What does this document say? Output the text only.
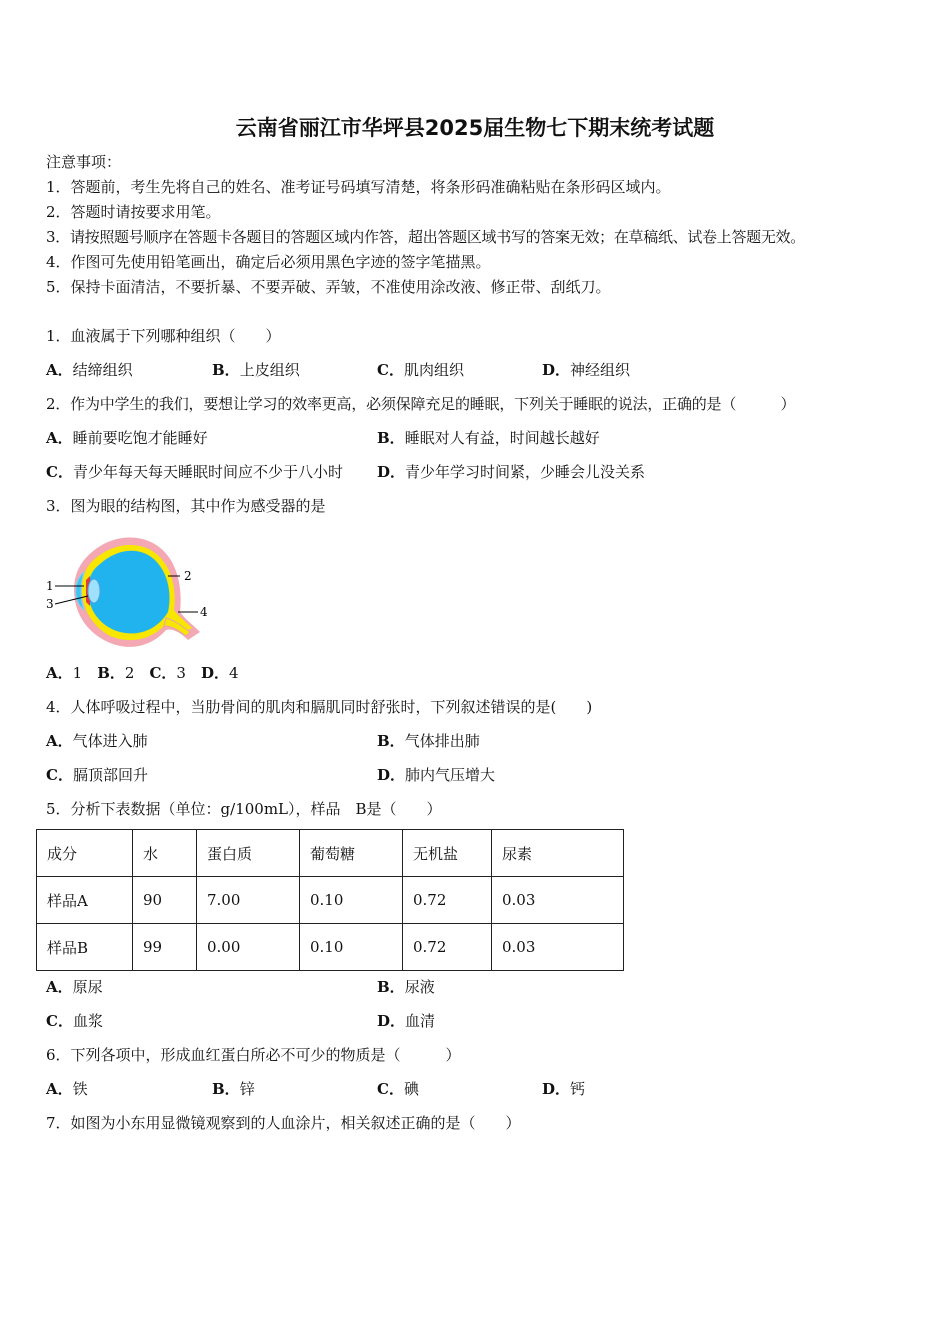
云南省丽江市华坪县2025届生物七下期末统考试题
注意事项：
1．答题前，考生先将自己的姓名、准考证号码填写清楚，将条形码准确粘贴在条形码区域内。
2．答题时请按要求用笔。
3．请按照题号顺序在答题卡各题目的答题区域内作答，超出答题区域书写的答案无效；在草稿纸、试卷上答题无效。
4．作图可先使用铅笔画出，确定后必须用黑色字迹的签字笔描黑。
5．保持卡面清洁，不要折暴、不要弄破、弄皱，不准使用涂改液、修正带、刮纸刀。
1．血液属于下列哪种组织（　　）
A．结缔组织	B．上皮组织	C．肌肉组织	D．神经组织
2．作为中学生的我们，要想让学习的效率更高，必须保障充足的睡眠，下列关于睡眠的说法，正确的是（　　　）
A．睡前要吃饱才能睡好	B．睡眠对人有益，时间越长越好
C．青少年每天每天睡眠时间应不少于八小时 D．青少年学习时间紧，少睡会儿没关系
3．图为眼的结构图，其中作为感受器的是
1
3
2
4
A．1　 B．2　 C．3　 D．4
4．人体呼吸过程中，当肋骨间的肌肉和膈肌同时舒张时，下列叙述错误的是(　　)
A．气体进入肺	B．气体排出肺
C．膈顶部回升	D．肺内气压增大
5．分析下表数据（单位：g/100mL），样品　B是（　　）
成分	水	蛋白质	葡萄糖	无机盐	尿素
样品A	90	7.00	0.10	0.72	0.03
样品B	99	0.00	0.10	0.72	0.03
A．原尿	B．尿液
C．血浆	D．血清
6．下列各项中，形成血红蛋白所必不可少的物质是（　　　）
A．铁	B．锌	C．碘	D．钙
7．如图为小东用显微镜观察到的人血涂片，相关叙述正确的是（　　）
